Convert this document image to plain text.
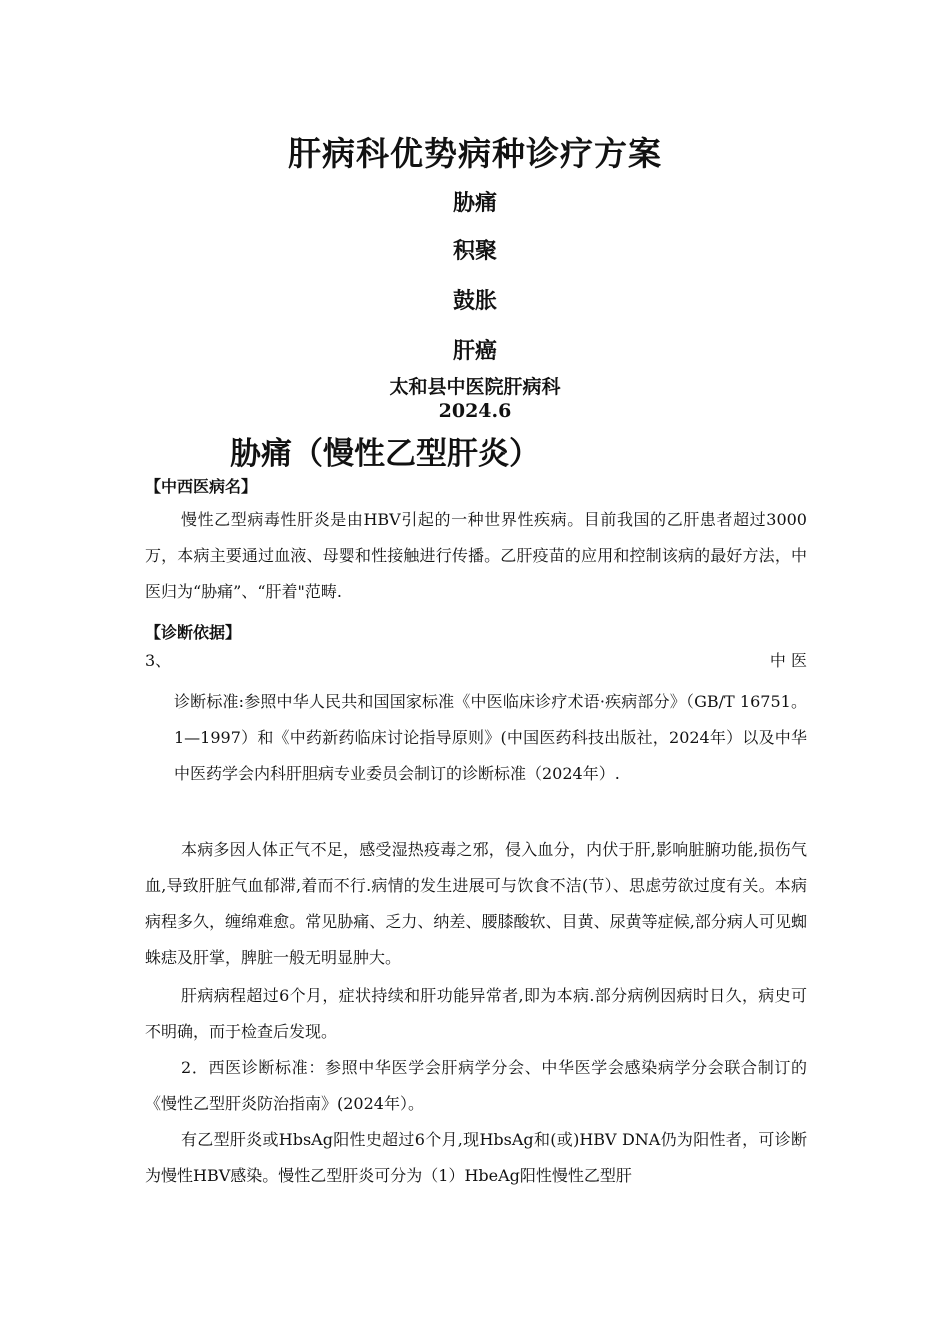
肝病科优势病种诊疗方案
胁痛
积聚
鼓胀
肝癌
太和县中医院肝病科
2024.6
胁痛（慢性乙型肝炎）
【中西医病名】
慢性乙型病毒性肝炎是由HBV引起的一种世界性疾病。目前我国的乙肝患者超过3000万，本病主要通过血液、母婴和性接触进行传播。乙肝疫苗的应用和控制该病的最好方法，中医归为“胁痛”、“肝着"范畴.
【诊断依据】
3、	中 医
诊断标准:参照中华人民共和国国家标准《中医临床诊疗术语·疾病部分》（GB/T 16751。1—1997）和《中药新药临床讨论指导原则》(中国医药科技出版社，2024年）以及中华中医药学会内科肝胆病专业委员会制订的诊断标准（2024年）.
本病多因人体正气不足，感受湿热疫毒之邪，侵入血分，内伏于肝,影响脏腑功能,损伤气血,导致肝脏气血郁滞,着而不行.病情的发生进展可与饮食不洁(节）、思虑劳欲过度有关。本病病程多久，缠绵难愈。常见胁痛、乏力、纳差、腰膝酸软、目黄、尿黄等症候,部分病人可见蜘蛛痣及肝掌，脾脏一般无明显肿大。
肝病病程超过6个月，症状持续和肝功能异常者,即为本病.部分病例因病时日久，病史可不明确，而于检查后发现。
2．西医诊断标准：参照中华医学会肝病学分会、中华医学会感染病学分会联合制订的《慢性乙型肝炎防治指南》(2024年）。
有乙型肝炎或HbsAg阳性史超过6个月,现HbsAg和(或)HBV DNA仍为阳性者，可诊断为慢性HBV感染。慢性乙型肝炎可分为（1）HbeAg阳性慢性乙型肝
